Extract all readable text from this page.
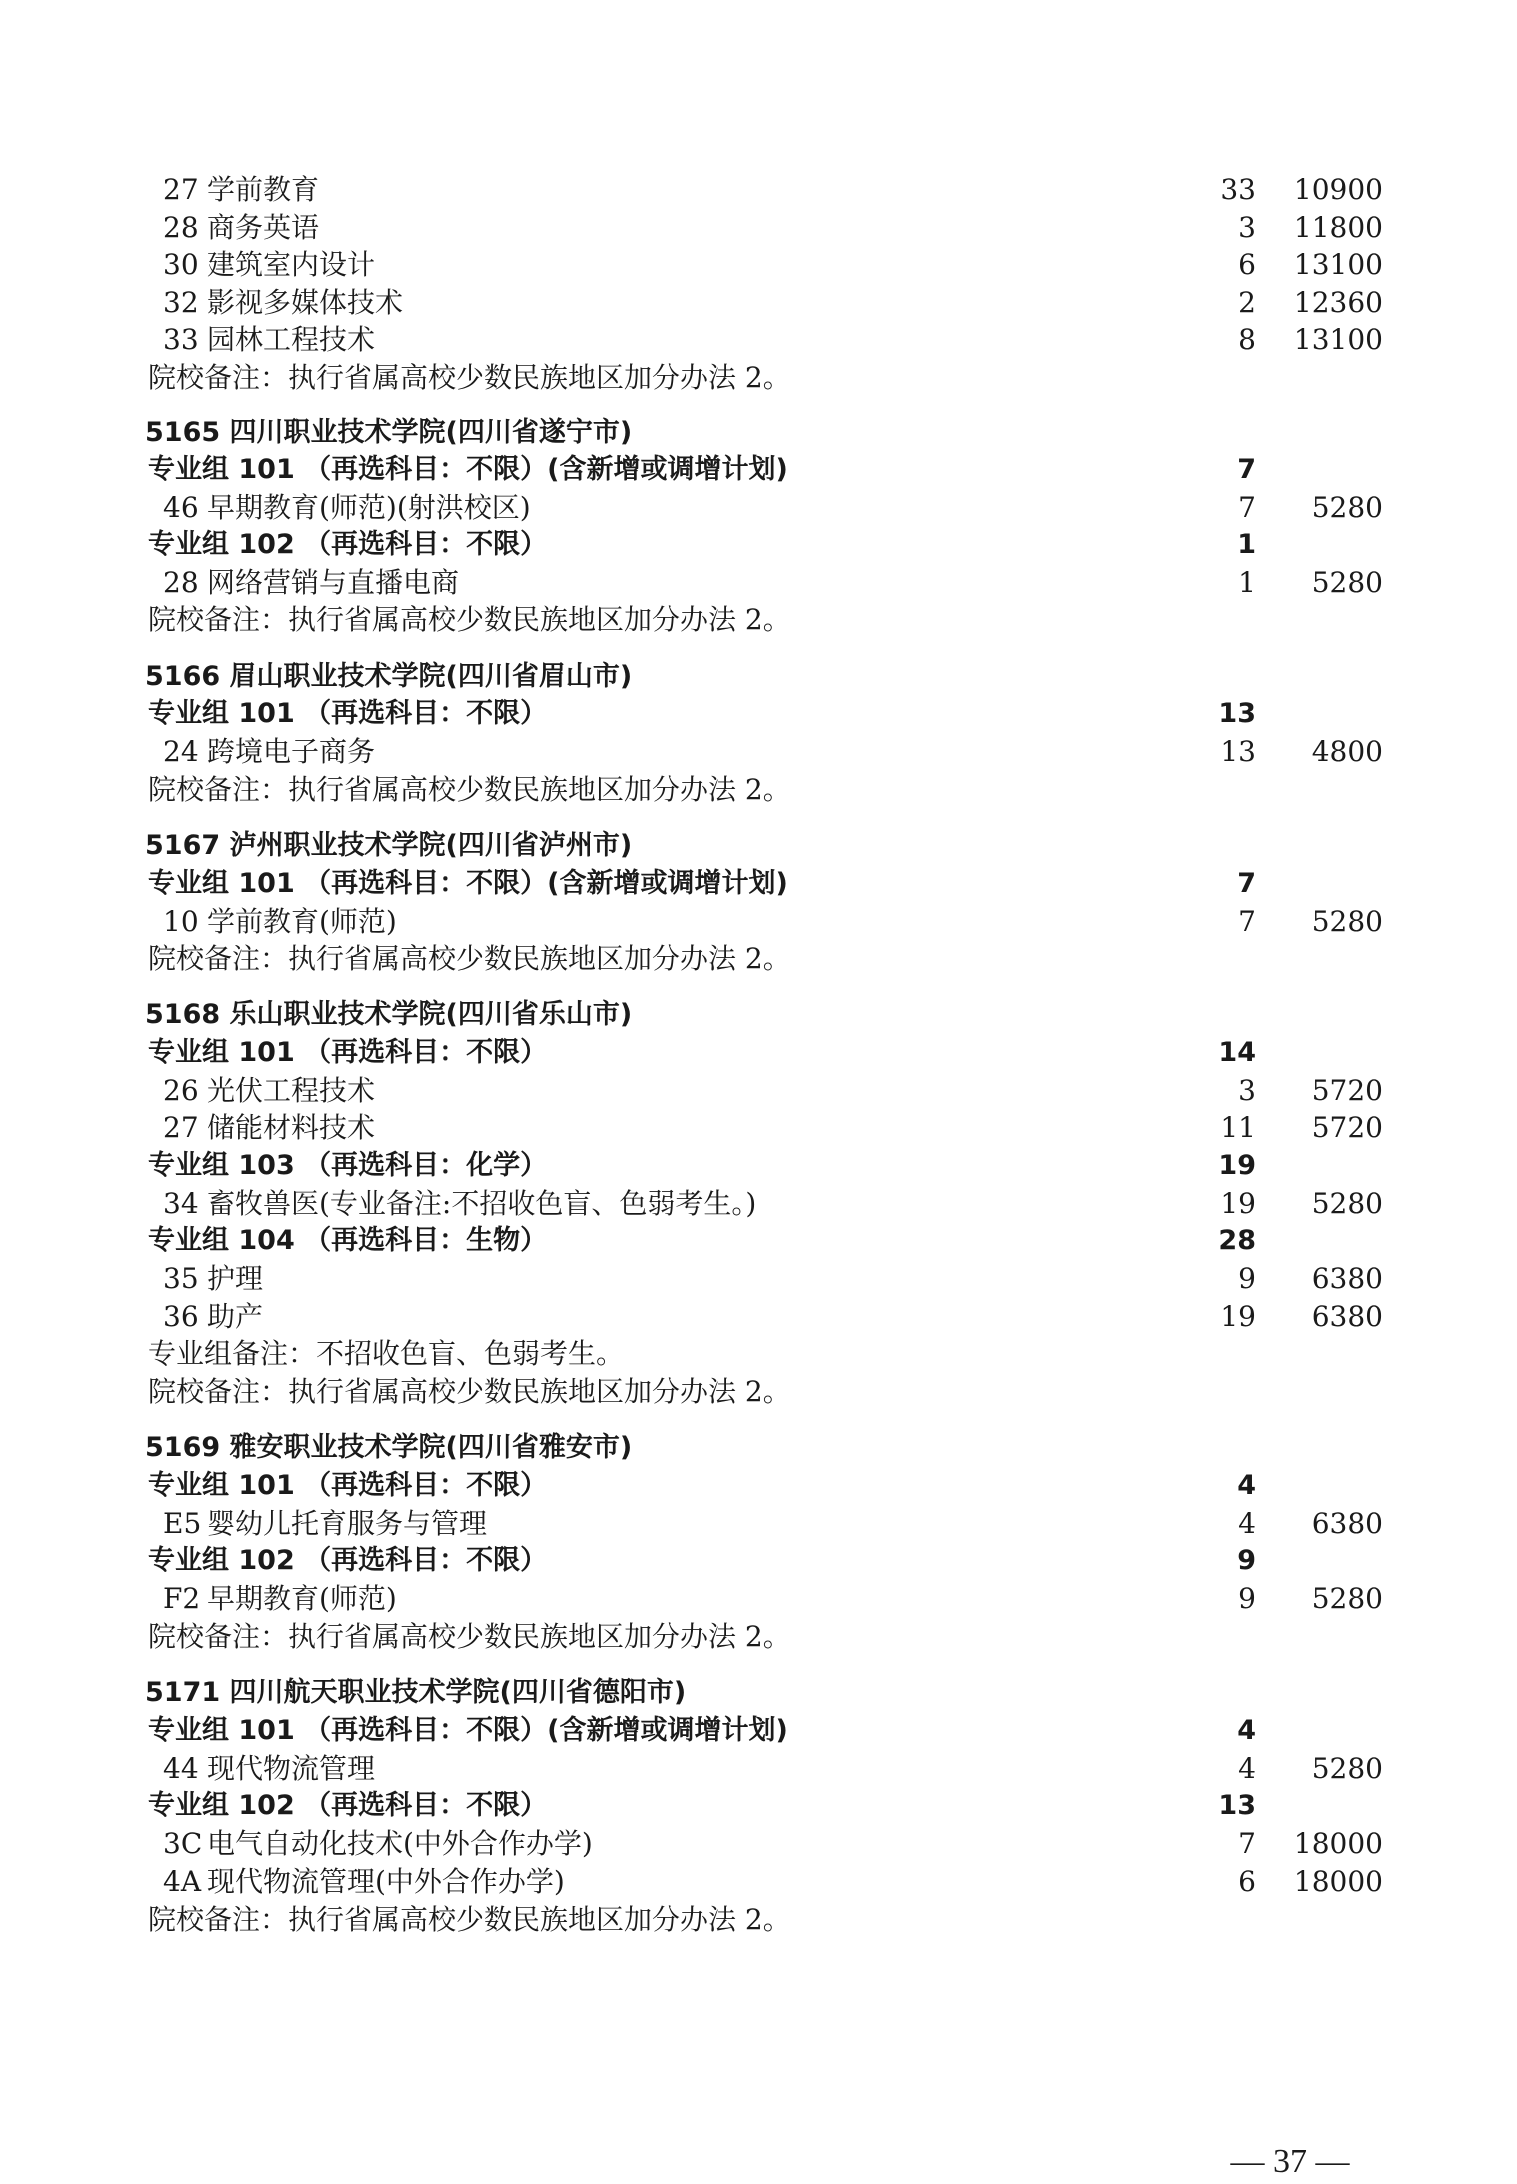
27 学前教育	33 10900
28 商务英语	3 11800
30 建筑室内设计	6 13100
32 影视多媒体技术	2 12360
33 园林工程技术	8 13100
院校备注：执行省属高校少数民族地区加分办法 2。
5165 四川职业技术学院(四川省遂宁市)
专业组 101 （再选科目：不限）(含新增或调增计划)	7
46 早期教育(师范)(射洪校区)	7	5280
专业组 102 （再选科目：不限）	1
28 网络营销与直播电商	1	5280
院校备注：执行省属高校少数民族地区加分办法 2。
5166 眉山职业技术学院(四川省眉山市)
专业组 101 （再选科目：不限）	13
24 跨境电子商务	13	4800
院校备注：执行省属高校少数民族地区加分办法 2。
5167 泸州职业技术学院(四川省泸州市)
专业组 101 （再选科目：不限）(含新增或调增计划)	7
10 学前教育(师范)	7	5280
院校备注：执行省属高校少数民族地区加分办法 2。
5168 乐山职业技术学院(四川省乐山市)
专业组 101 （再选科目：不限）	14
26 光伏工程技术	3	5720
27 储能材料技术	11	5720
专业组 103 （再选科目：化学）	19
34 畜牧兽医(专业备注:不招收色盲、色弱考生。)	19	5280
专业组 104 （再选科目：生物）	28
35 护理	9	6380
36 助产	19	6380
专业组备注：不招收色盲、色弱考生。
院校备注：执行省属高校少数民族地区加分办法 2。
5169 雅安职业技术学院(四川省雅安市)
专业组 101 （再选科目：不限）	4
E5 婴幼儿托育服务与管理	4	6380
专业组 102 （再选科目：不限）	9
F2 早期教育(师范)	9	5280
院校备注：执行省属高校少数民族地区加分办法 2。
5171 四川航天职业技术学院(四川省德阳市)
专业组 101 （再选科目：不限）(含新增或调增计划)	4
44 现代物流管理	4	5280
专业组 102 （再选科目：不限）	13
3C 电气自动化技术(中外合作办学)	7 18000
4A 现代物流管理(中外合作办学)	6 18000
院校备注：执行省属高校少数民族地区加分办法 2。
— 37 —
